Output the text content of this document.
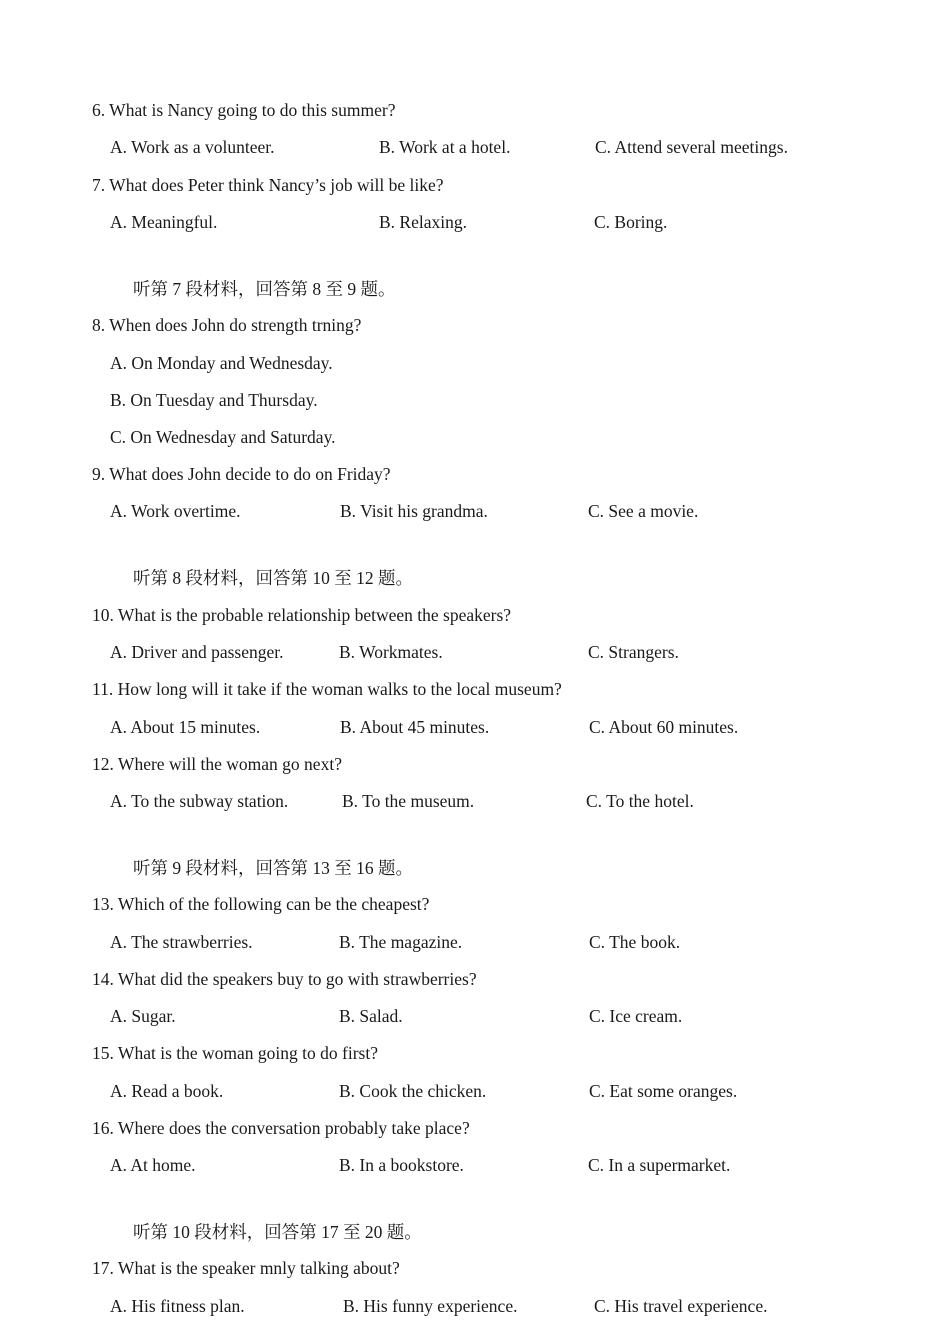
6. What is Nancy going to do this summer?
A. Work as a volunteer.	B. Work at a hotel.	C. Attend several meetings.
7. What does Peter think Nancy’s job will be like?
A. Meaningful.	B. Relaxing.	C. Boring.
听第 7 段材料，回答第 8 至 9 题。
8. When does John do strength trning?
A. On Monday and Wednesday.
B. On Tuesday and Thursday.
C. On Wednesday and Saturday.
9. What does John decide to do on Friday?
A. Work overtime.	B. Visit his grandma.	C. See a movie.
听第 8 段材料，回答第 10 至 12 题。
10. What is the probable relationship between the speakers?
A. Driver and passenger.	B. Workmates.	C. Strangers.
11. How long will it take if the woman walks to the local museum?
A. About 15 minutes.	B. About 45 minutes.	C. About 60 minutes.
12. Where will the woman go next?
A. To the subway station.	B. To the museum.	C. To the hotel.
听第 9 段材料，回答第 13 至 16 题。
13. Which of the following can be the cheapest?
A. The strawberries.	B. The magazine.	C. The book.
14. What did the speakers buy to go with strawberries?
A. Sugar.	B. Salad.	C. Ice cream.
15. What is the woman going to do first?
A. Read a book.	B. Cook the chicken.	C. Eat some oranges.
16. Where does the conversation probably take place?
A. At home.	B. In a bookstore.	C. In a supermarket.
听第 10 段材料，回答第 17 至 20 题。
17. What is the speaker mnly talking about?
A. His fitness plan.	B. His funny experience.	C. His travel experience.
